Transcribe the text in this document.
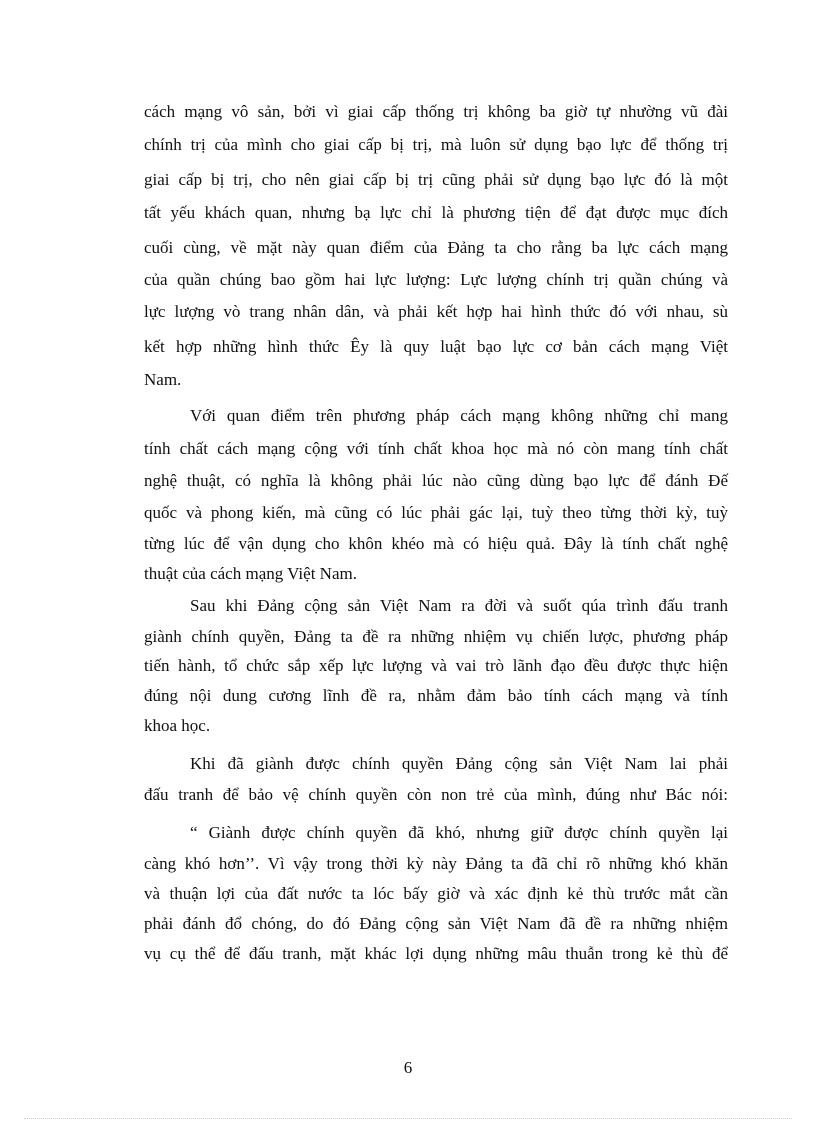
cách mạng vô sản, bởi vì giai cấp thống trị không ba giờ tự nhường vũ đài
chính trị của mình cho giai cấp bị trị, mà luôn sử dụng bạo lực để thống trị
giai cấp bị trị, cho nên giai cấp bị trị cũng phải sử dụng bạo lực đó là một
tất yếu khách quan, nhưng bạ lực chỉ là phương tiện để đạt được mục đích
cuối cùng, về mặt này quan điểm của Đảng ta cho rằng ba lực cách mạng
của quần chúng bao gồm hai lực lượng: Lực lượng chính trị quần chúng và
lực lượng vò trang nhân dân, và phải kết hợp hai hình thức đó với nhau, sù
kết hợp những hình thức Êy là quy luật bạo lực cơ bản cách mạng Việt
Nam.
Với quan điểm trên phương pháp cách mạng không những chỉ mang
tính chất cách mạng cộng với tính chất khoa học mà nó còn mang tính chất
nghệ thuật, có nghĩa là không phải lúc nào cũng dùng bạo lực để đánh Đế
quốc và phong kiến, mà cũng có lúc phải gác lại, tuỳ theo từng thời kỳ, tuỳ
từng lúc để vận dụng cho khôn khéo mà có hiệu quả. Đây là tính chất nghệ
thuật của cách mạng Việt Nam.
Sau khi Đảng cộng sản Việt Nam ra đời và suốt qúa trình đấu tranh
giành chính quyền, Đảng ta đề ra những nhiệm vụ chiến lược, phương pháp
tiến hành, tổ chức sắp xếp lực lượng và vai trò lãnh đạo đều được thực hiện
đúng nội dung cương lĩnh đề ra, nhằm đảm bảo tính cách mạng và tính
khoa học.
Khi đã giành được chính quyền Đảng cộng sản Việt Nam lai phải
đấu tranh để bảo vệ chính quyền còn non trẻ của mình, đúng như Bác nói:
“ Giành được chính quyền đã khó, nhưng giữ được chính quyền lại
càng khó hơn’’. Vì vậy trong thời kỳ này Đảng ta đã chỉ rõ những khó khăn
và thuận lợi của đất nước ta lóc bấy giờ và xác định kẻ thù trước mắt cần
phải đánh đổ chóng, do đó Đảng cộng sản Việt Nam đã đề ra những nhiệm
vụ cụ thể để đấu tranh, mặt khác lợi dụng những mâu thuẫn trong kẻ thù để
6
